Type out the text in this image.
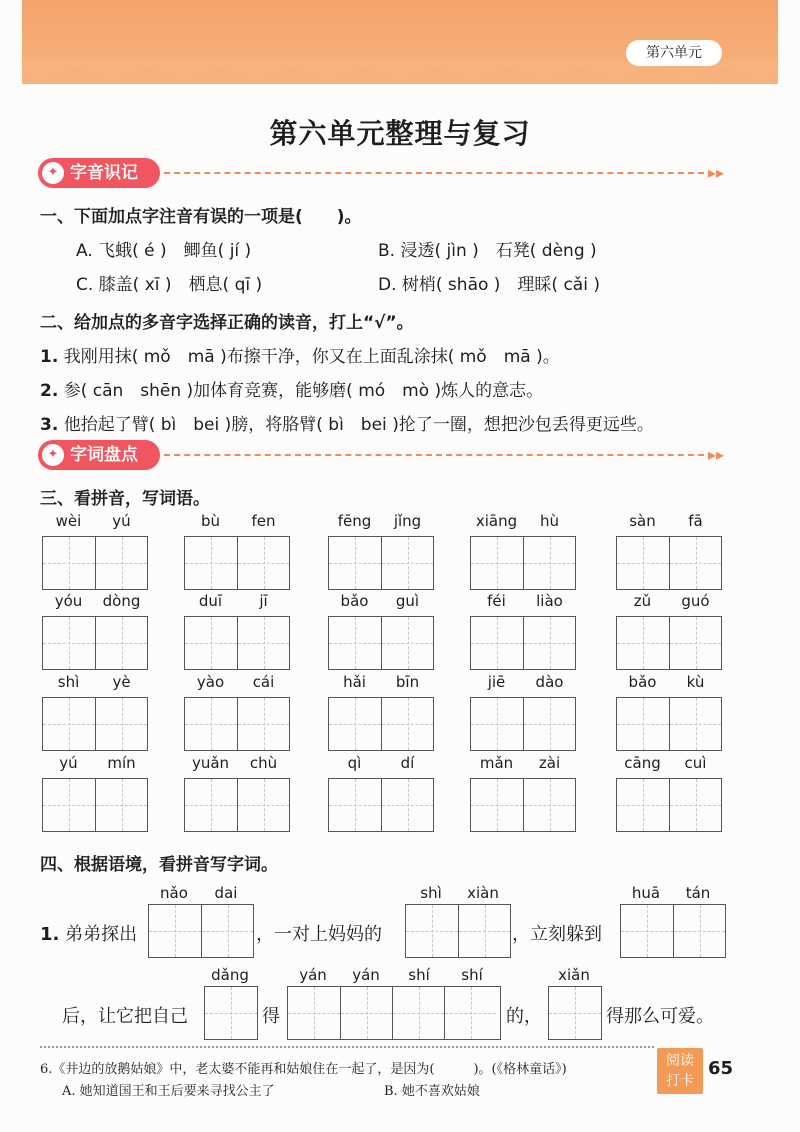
第六单元
第六单元整理与复习
✦ 字音识记	▸▸
一、下面加点字注音有误的一项是(　　)。
A. 飞蛾( é )　鲫鱼( jí )	B. 浸透( jìn )　石凳( dèng )
C. 膝盖( xī )　栖息( qī )	D. 树梢( shāo )　理睬( cǎi )
二、给加点的多音字选择正确的读音，打上“√”。
1. 我刚用抹( mǒ　mā )布擦干净，你又在上面乱涂抹( mǒ　mā )。
2. 参( cān　shēn )加体育竞赛，能够磨( mó　mò )炼人的意志。
3. 他抬起了臂( bì　bei )膀，将胳臂( bì　bei )抡了一圈，想把沙包丢得更远些。
✦ 字词盘点	▸▸
三、看拼音，写词语。
wèi	yú	bù	fen	fēng	jǐng	xiāng	hù	sàn	fā
yóu	dòng	duī	jī	bǎo	guì	féi	liào	zǔ	guó
shì	yè	yào	cái	hǎi	bīn	jiē	dào	bǎo	kù
yú	mín	yuǎn	chù	qì	dí	mǎn	zài	cāng	cuì
四、根据语境，看拼音写字词。
1. 弟弟探出
nǎo	dai
，一对上妈妈的
shì	xiàn
，立刻躲到
huā	tán
后，让它把自己
dǎng
得
yán	yán	shí	shí
的，
xiǎn
得那么可爱。
6.《井边的放鹅姑娘》中，老太婆不能再和姑娘住在一起了，是因为(　　　)。(《格林童话》)
A. 她知道国王和王后要来寻找公主了	B. 她不喜欢姑娘
阅读
打卡
65
